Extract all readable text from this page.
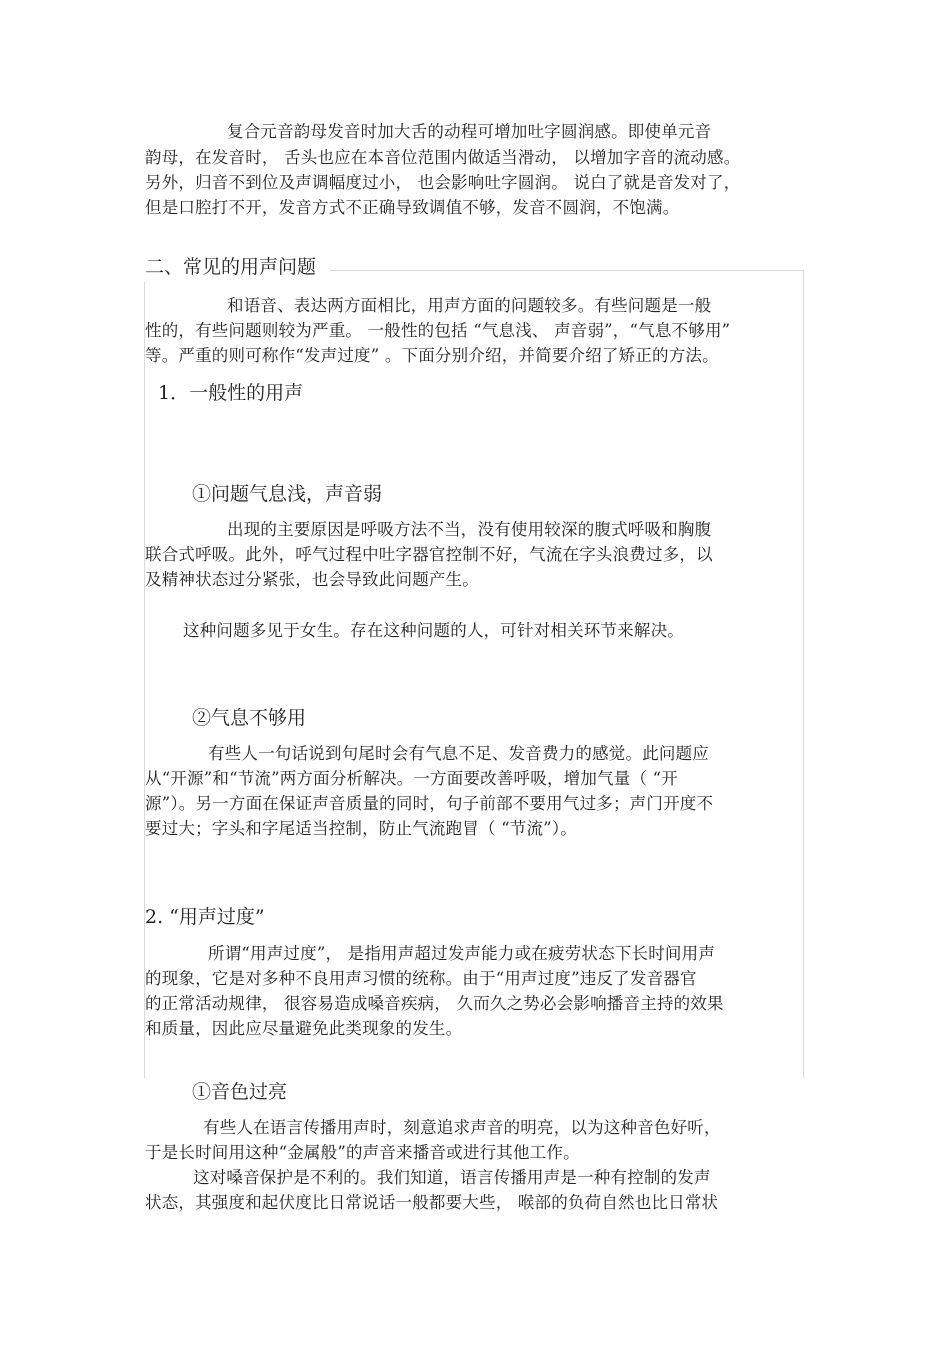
复合元音韵母发音时加大舌的动程可增加吐字圆润感。即使单元音
韵母，在发音时， 舌头也应在本音位范围内做适当滑动， 以增加字音的流动感。
另外，归音不到位及声调幅度过小， 也会影响吐字圆润。 说白了就是音发对了，
但是口腔打不开，发音方式不正确导致调值不够，发音不圆润，不饱满。
二、常见的用声问题
和语音、表达两方面相比，用声方面的问题较多。有些问题是一般
性的，有些问题则较为严重。 一般性的包括 “气息浅、 声音弱”，“气息不够用”
等。严重的则可称作“发声过度” 。下面分别介绍，并简要介绍了矫正的方法。
1．一般性的用声
①问题气息浅，声音弱
出现的主要原因是呼吸方法不当，没有使用较深的腹式呼吸和胸腹
联合式呼吸。此外，呼气过程中吐字器官控制不好，气流在字头浪费过多，以
及精神状态过分紧张，也会导致此问题产生。
这种问题多见于女生。存在这种问题的人，可针对相关环节来解决。
②气息不够用
有些人一句话说到句尾时会有气息不足、发音费力的感觉。此问题应
从“开源”和“节流”两方面分析解决。一方面要改善呼吸，增加气量（ “开
源”）。另一方面在保证声音质量的同时，句子前部不要用气过多；声门开度不
要过大；字头和字尾适当控制，防止气流跑冒（ “节流”）。
2. “用声过度”
所谓“用声过度”， 是指用声超过发声能力或在疲劳状态下长时间用声
的现象，它是对多种不良用声习惯的统称。由于“用声过度”违反了发音器官
的正常活动规律， 很容易造成嗓音疾病， 久而久之势必会影响播音主持的效果
和质量，因此应尽量避免此类现象的发生。
①音色过亮
有些人在语言传播用声时，刻意追求声音的明亮，以为这种音色好听，
于是长时间用这种“金属般”的声音来播音或进行其他工作。
这对嗓音保护是不利的。我们知道，语言传播用声是一种有控制的发声
状态，其强度和起伏度比日常说话一般都要大些， 喉部的负荷自然也比日常状
